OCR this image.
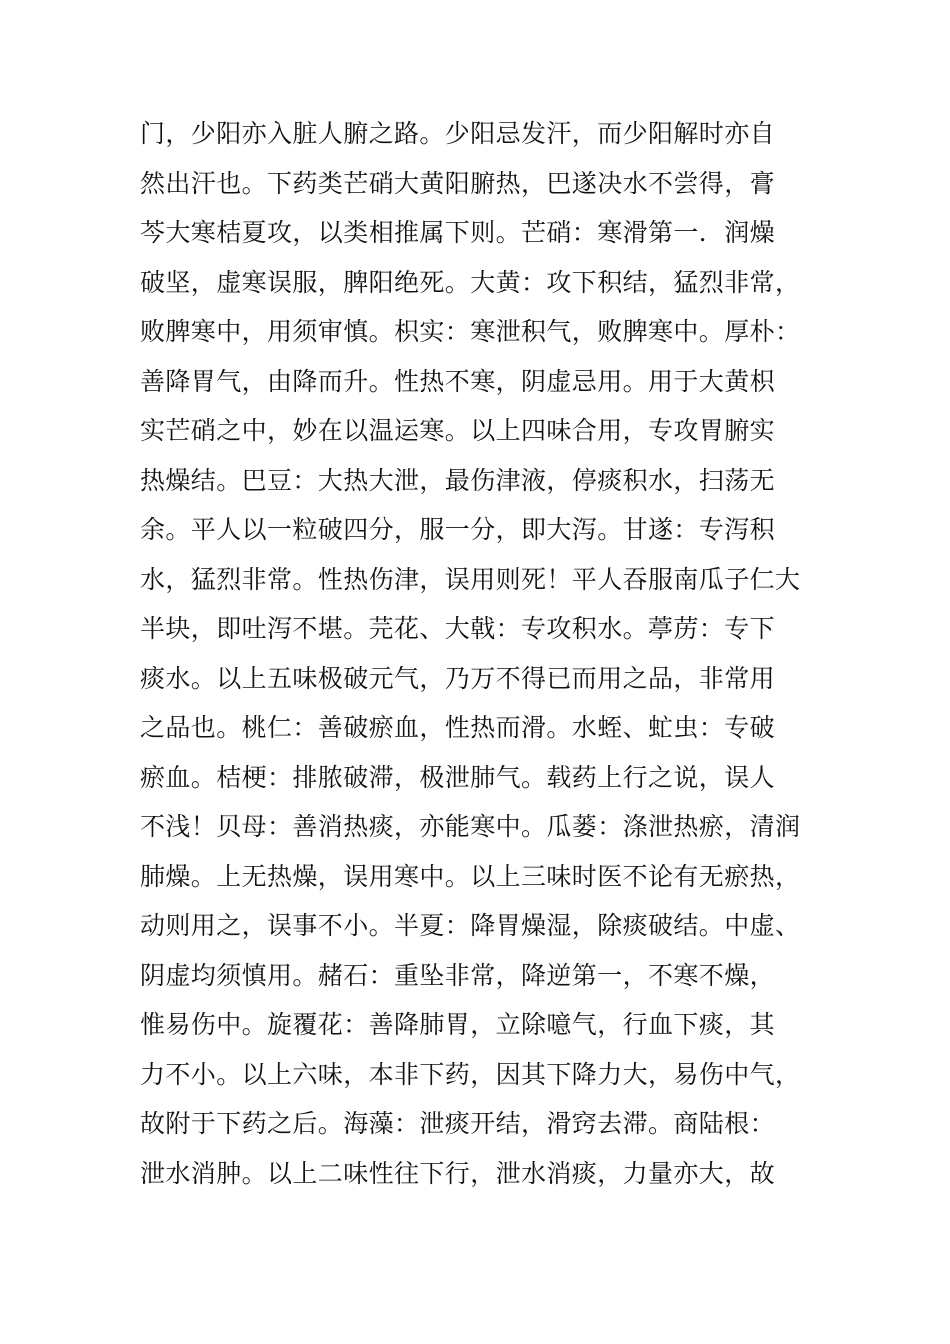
门，少阳亦入脏人腑之路。少阳忌发汗，而少阳解时亦自
然出汗也。下药类芒硝大黄阳腑热，巴遂决水不尝得，膏
芩大寒桔夏攻，以类相推属下则。芒硝：寒滑第一．润燥
破坚，虚寒误服，脾阳绝死。大黄：攻下积结，猛烈非常，
败脾寒中，用须审慎。枳实：寒泄积气，败脾寒中。厚朴：
善降胃气，由降而升。性热不寒，阴虚忌用。用于大黄枳
实芒硝之中，妙在以温运寒。以上四味合用，专攻胃腑实
热燥结。巴豆：大热大泄，最伤津液，停痰积水，扫荡无
余。平人以一粒破四分，服一分，即大泻。甘遂：专泻积
水，猛烈非常。性热伤津，误用则死！平人吞服南瓜子仁大
半块，即吐泻不堪。芫花、大戟：专攻积水。葶苈：专下
痰水。以上五味极破元气，乃万不得已而用之品，非常用
之品也。桃仁：善破瘀血，性热而滑。水蛭、虻虫：专破
瘀血。桔梗：排脓破滞，极泄肺气。载药上行之说，误人
不浅！贝母：善消热痰，亦能寒中。瓜蒌：涤泄热瘀，清润
肺燥。上无热燥，误用寒中。以上三味时医不论有无瘀热，
动则用之，误事不小。半夏：降胃燥湿，除痰破结。中虚、
阴虚均须慎用。赭石：重坠非常，降逆第一，不寒不燥，
惟易伤中。旋覆花：善降肺胃，立除噫气，行血下痰，其
力不小。以上六味，本非下药，因其下降力大，易伤中气，
故附于下药之后。海藻：泄痰开结，滑窍去滞。商陆根：
泄水消肿。以上二味性往下行，泄水消痰，力量亦大，故
